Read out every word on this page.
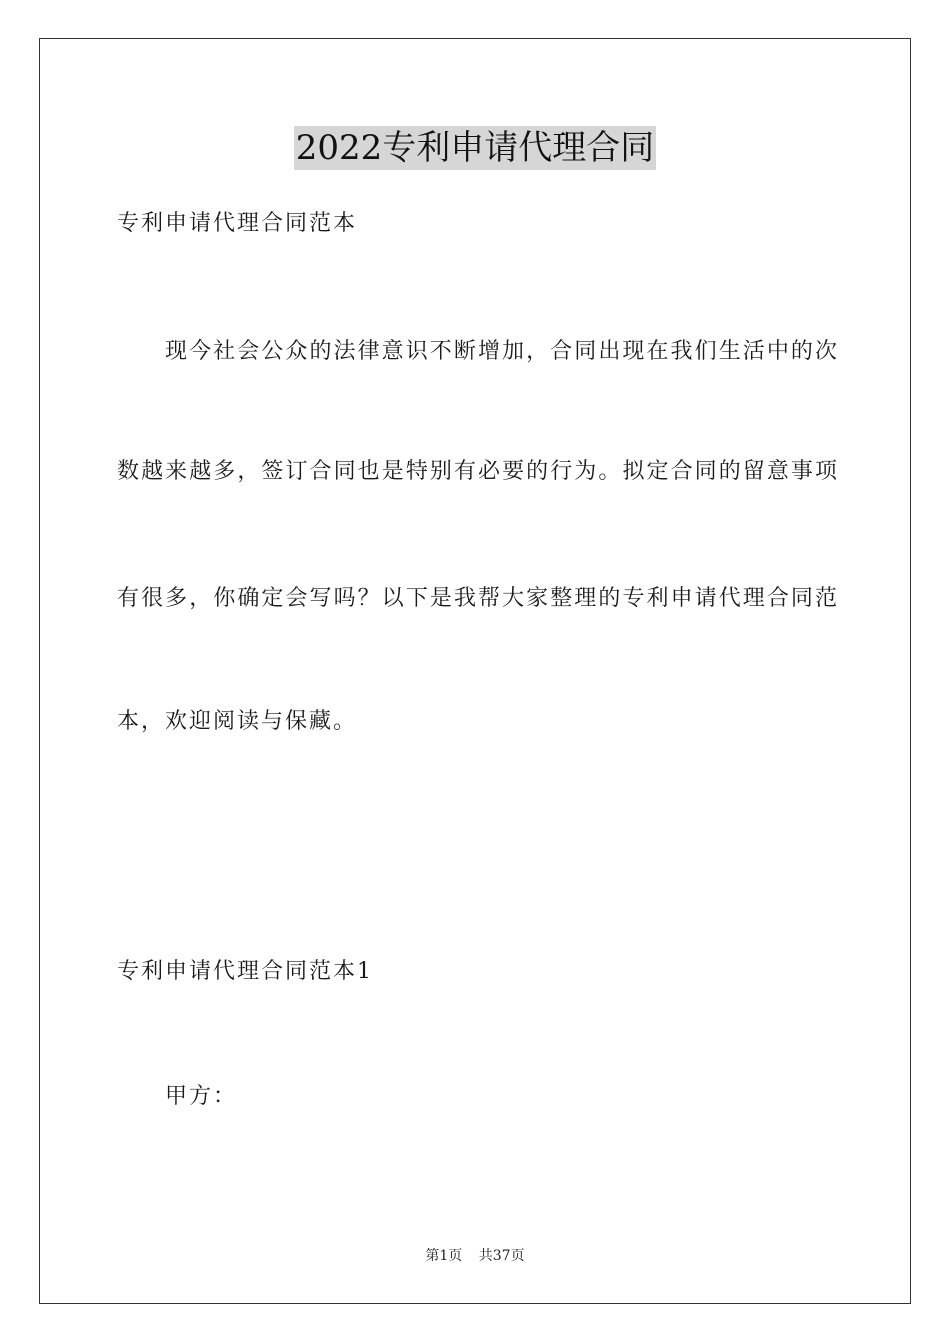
2022专利申请代理合同
专利申请代理合同范本
现今社会公众的法律意识不断增加，合同出现在我们生活中的次
数越来越多，签订合同也是特别有必要的行为。拟定合同的留意事项
有很多，你确定会写吗？以下是我帮大家整理的专利申请代理合同范
本，欢迎阅读与保藏。
专利申请代理合同范本1
甲方：
第1页 共37页
